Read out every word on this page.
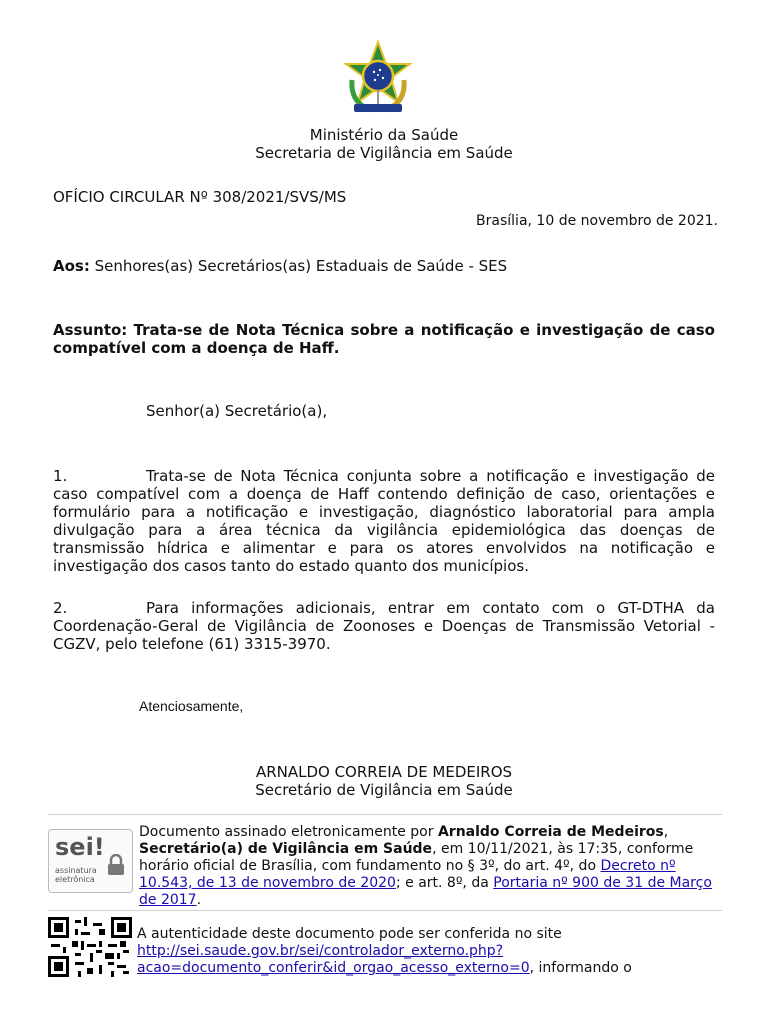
Ministério da Saúde
Secretaria de Vigilância em Saúde
OFÍCIO CIRCULAR Nº 308/2021/SVS/MS
Brasília, 10 de novembro de 2021.
Aos: Senhores(as) Secretários(as) Estaduais de Saúde - SES
Assunto: Trata-se de Nota Técnica sobre a notificação e investigação de caso compatível com a doença de Haff.
Senhor(a) Secretário(a),
1.	Trata-se de Nota Técnica conjunta sobre a notificação e investigação de caso compatível com a doença de Haff contendo definição de caso, orientações e formulário para a notificação e investigação, diagnóstico laboratorial para ampla divulgação para a área técnica da vigilância epidemiológica das doenças de transmissão hídrica e alimentar e para os atores envolvidos na notificação e investigação dos casos tanto do estado quanto dos municípios.
2.	Para informações adicionais, entrar em contato com o GT-DTHA da Coordenação-Geral de Vigilância de Zoonoses e Doenças de Transmissão Vetorial - CGZV, pelo telefone (61) 3315-3970.
Atenciosamente,
ARNALDO CORREIA DE MEDEIROS
Secretário de Vigilância em Saúde
sei!
assinatura
eletrônica
Documento assinado eletronicamente por Arnaldo Correia de Medeiros, Secretário(a) de Vigilância em Saúde, em 10/11/2021, às 17:35, conforme horário oficial de Brasília, com fundamento no § 3º, do art. 4º, do Decreto nº 10.543, de 13 de novembro de 2020; e art. 8º, da Portaria nº 900 de 31 de Março de 2017.
A autenticidade deste documento pode ser conferida no site
http://sei.saude.gov.br/sei/controlador_externo.php?
acao=documento_conferir&id_orgao_acesso_externo=0, informando o
